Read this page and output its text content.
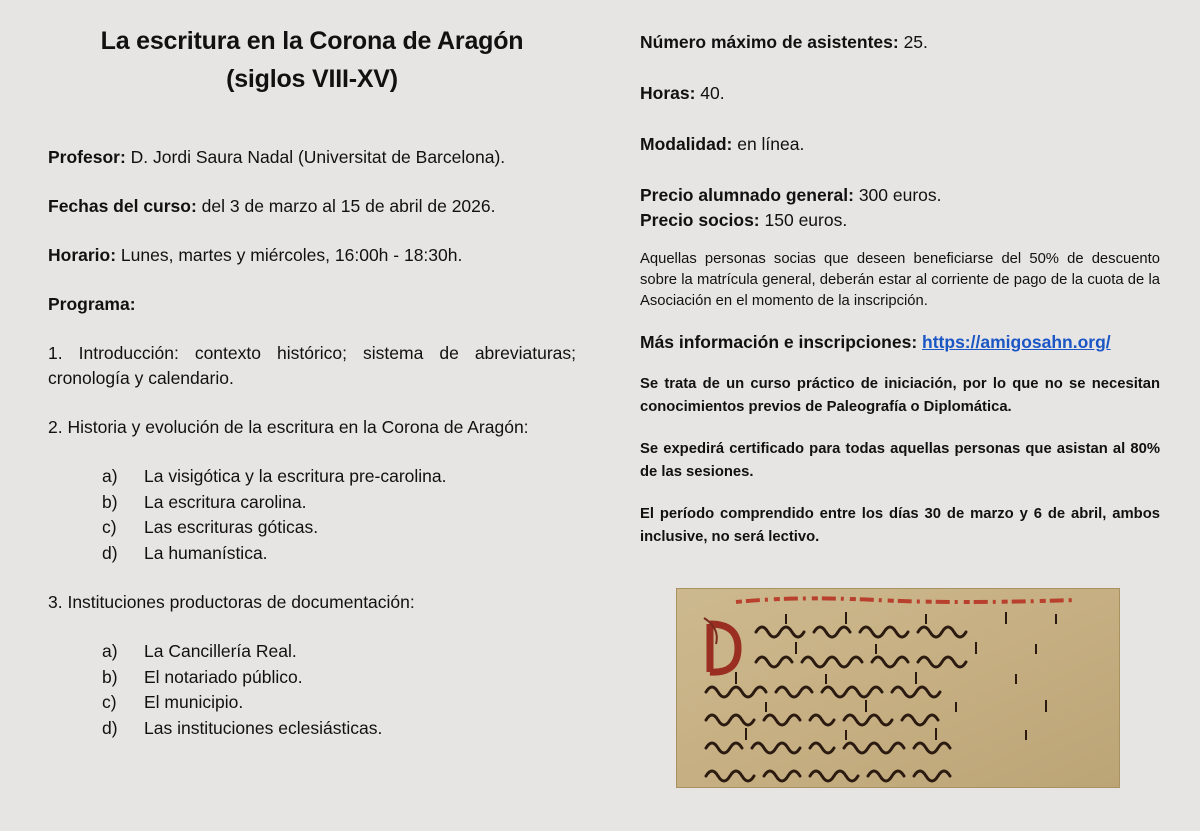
La escritura en la Corona de Aragón
(siglos VIII-XV)

Profesor: D. Jordi Saura Nadal (Universitat de Barcelona).

Fechas del curso: del 3 de marzo al 15 de abril de 2026.

Horario: Lunes, martes y miércoles, 16:00h - 18:30h.

Programa:

1. Introducción: contexto histórico; sistema de abreviaturas; cronología y calendario.

2. Historia y evolución de la escritura en la Corona de Aragón:

a) La visigótica y la escritura pre-carolina.
b) La escritura carolina.
c) Las escrituras góticas.
d) La humanística.

3. Instituciones productoras de documentación:

a) La Cancillería Real.
b) El notariado público.
c) El municipio.
d) Las instituciones eclesiásticas.

Número máximo de asistentes: 25.

Horas: 40.

Modalidad: en línea.

Precio alumnado general: 300 euros.

Precio socios: 150 euros.

Aquellas personas socias que deseen beneficiarse del 50% de descuento sobre la matrícula general, deberán estar al corriente de pago de la cuota de la Asociación en el momento de la inscripción.

Más información e inscripciones: https://amigosahn.org/

Se trata de un curso práctico de iniciación, por lo que no se necesitan conocimientos previos de Paleografía o Diplomática.

Se expedirá certificado para todas aquellas personas que asistan al 80% de las sesiones.

El período comprendido entre los días 30 de marzo y 6 de abril, ambos inclusive, no será lectivo.
